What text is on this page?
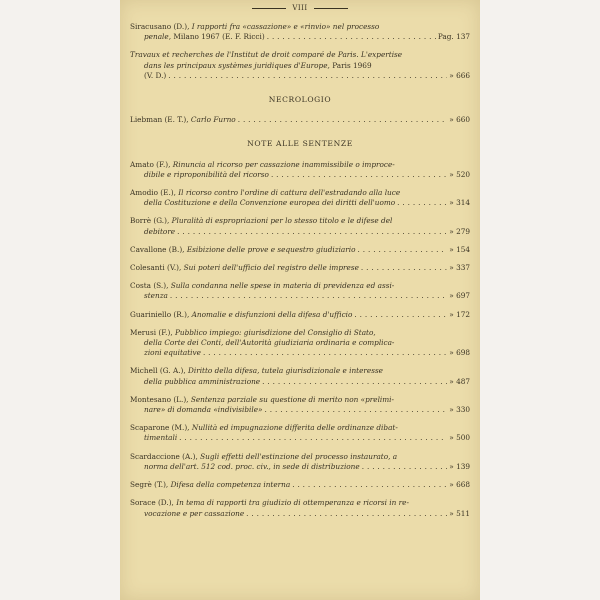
VIII
Siracusano (D.),
I rapporti fra «cassazione» e «rinvio» nel processo
penale,
Milano 1967 (E. F. Ricci) . . .	Pag. 137
Travaux et recherches de l'Institut de droit comparé de Paris. L'expertise
dans les principaux systèmes juridiques d'Europe,
Paris 1969
(V. D.) . . .	» 666
NECROLOGIO
Liebman (E. T.),
Carlo Furno . . .	» 660
NOTE ALLE SENTENZE
Amato (F.),
Rinuncia al ricorso per cassazione inammissibile o improce-
dibile e riproponibilità del ricorso . . .	» 520
Amodio (E.),
Il ricorso contro l'ordine di cattura dell'estradando alla luce
della Costituzione e della Convenzione europea dei diritti dell'uomo . . .	» 314
Borrè (G.),
Pluralità di espropriazioni per lo stesso titolo e le difese del
debitore . . .	» 279
Cavallone (B.),
Esibizione delle prove e sequestro giudiziario . . .	» 154
Colesanti (V.),
Sui poteri dell'ufficio del registro delle imprese . . .	» 337
Costa (S.),
Sulla condanna nelle spese in materia di previdenza ed assi-
stenza . . .	» 697
Guariniello (R.),
Anomalie e disfunzioni della difesa d'ufficio . . .	» 172
Merusi (F.),
Pubblico impiego: giurisdizione del Consiglio di Stato,
della Corte dei Conti, dell'Autorità giudiziaria ordinaria e complica-
zioni equitative . . .	» 698
Michell (G. A.),
Diritto della difesa, tutela giurisdizionale e interesse
della pubblica amministrazione . . .	» 487
Montesano (L.),
Sentenza parziale su questione di merito non «prelimi-
nare» di domanda «indivisibile» . . .	» 330
Scaparone (M.),
Nullità ed impugnazione differita delle ordinanze dibat-
timentali . . .	» 500
Scardaccione (A.),
Sugli effetti dell'estinzione del processo instaurato, a
norma dell'art. 512 cod. proc. civ., in sede di distribuzione . . .	» 139
Segrè (T.),
Difesa della competenza interna . . .	» 668
Sorace (D.),
In tema di rapporti tra giudizio di ottemperanza e ricorsi in re-
vocazione e per cassazione . . .	» 511
